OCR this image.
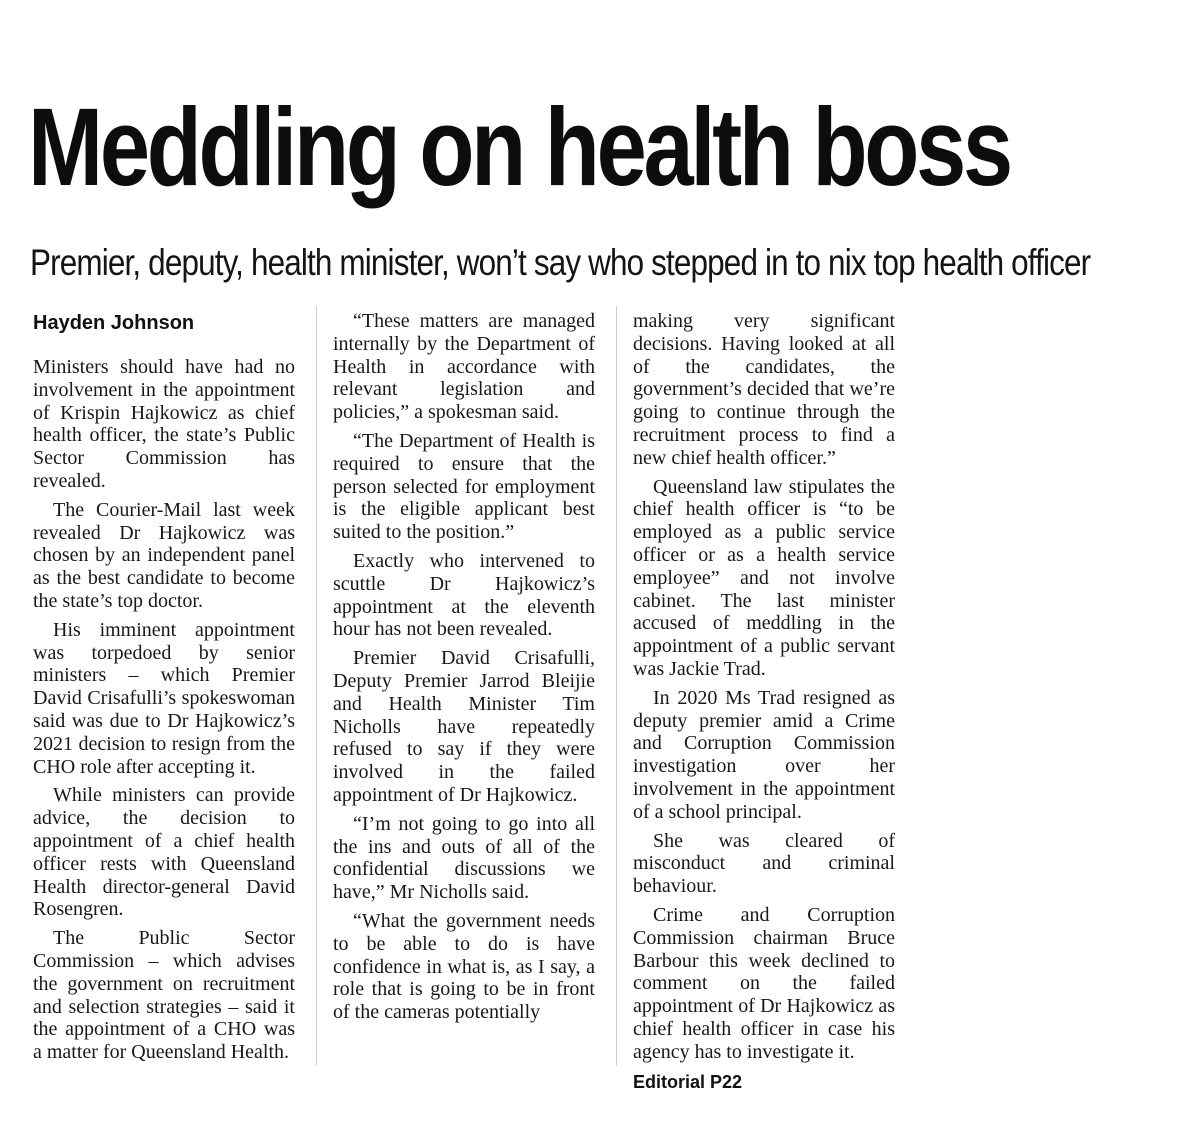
Meddling on health boss
Premier, deputy, health minister, won’t say who stepped in to nix top health officer
Hayden Johnson

Ministers should have had no involvement in the appointment of Krispin Hajkowicz as chief health officer, the state’s Public Sector Commission has revealed.

The Courier-Mail last week revealed Dr Hajkowicz was chosen by an independent panel as the best candidate to become the state’s top doctor.

His imminent appointment was torpedoed by senior ministers – which Premier David Crisafulli’s spokeswoman said was due to Dr Hajkowicz’s 2021 decision to resign from the CHO role after accepting it.

While ministers can provide advice, the decision to appointment of a chief health officer rests with Queensland Health director-general David Rosengren.

The Public Sector Commission – which advises the government on recruitment and selection strategies – said it the appointment of a CHO was a matter for Queensland Health.

“These matters are managed internally by the Department of Health in accordance with relevant legislation and policies,” a spokesman said.

“The Department of Health is required to ensure that the person selected for employment is the eligible applicant best suited to the position.”

Exactly who intervened to scuttle Dr Hajkowicz’s appointment at the eleventh hour has not been revealed.

Premier David Crisafulli, Deputy Premier Jarrod Bleijie and Health Minister Tim Nicholls have repeatedly refused to say if they were involved in the failed appointment of Dr Hajkowicz.

“I’m not going to go into all the ins and outs of all of the confidential discussions we have,” Mr Nicholls said.

“What the government needs to be able to do is have confidence in what is, as I say, a role that is going to be in front of the cameras potentially

making very significant decisions. Having looked at all of the candidates, the government’s decided that we’re going to continue through the recruitment process to find a new chief health officer.”

Queensland law stipulates the chief health officer is “to be employed as a public service officer or as a health service employee” and not involve cabinet. The last minister accused of meddling in the appointment of a public servant was Jackie Trad.

In 2020 Ms Trad resigned as deputy premier amid a Crime and Corruption Commission investigation over her involvement in the appointment of a school principal.

She was cleared of misconduct and criminal behaviour.

Crime and Corruption Commission chairman Bruce Barbour this week declined to comment on the failed appointment of Dr Hajkowicz as chief health officer in case his agency has to investigate it.

Editorial P22
